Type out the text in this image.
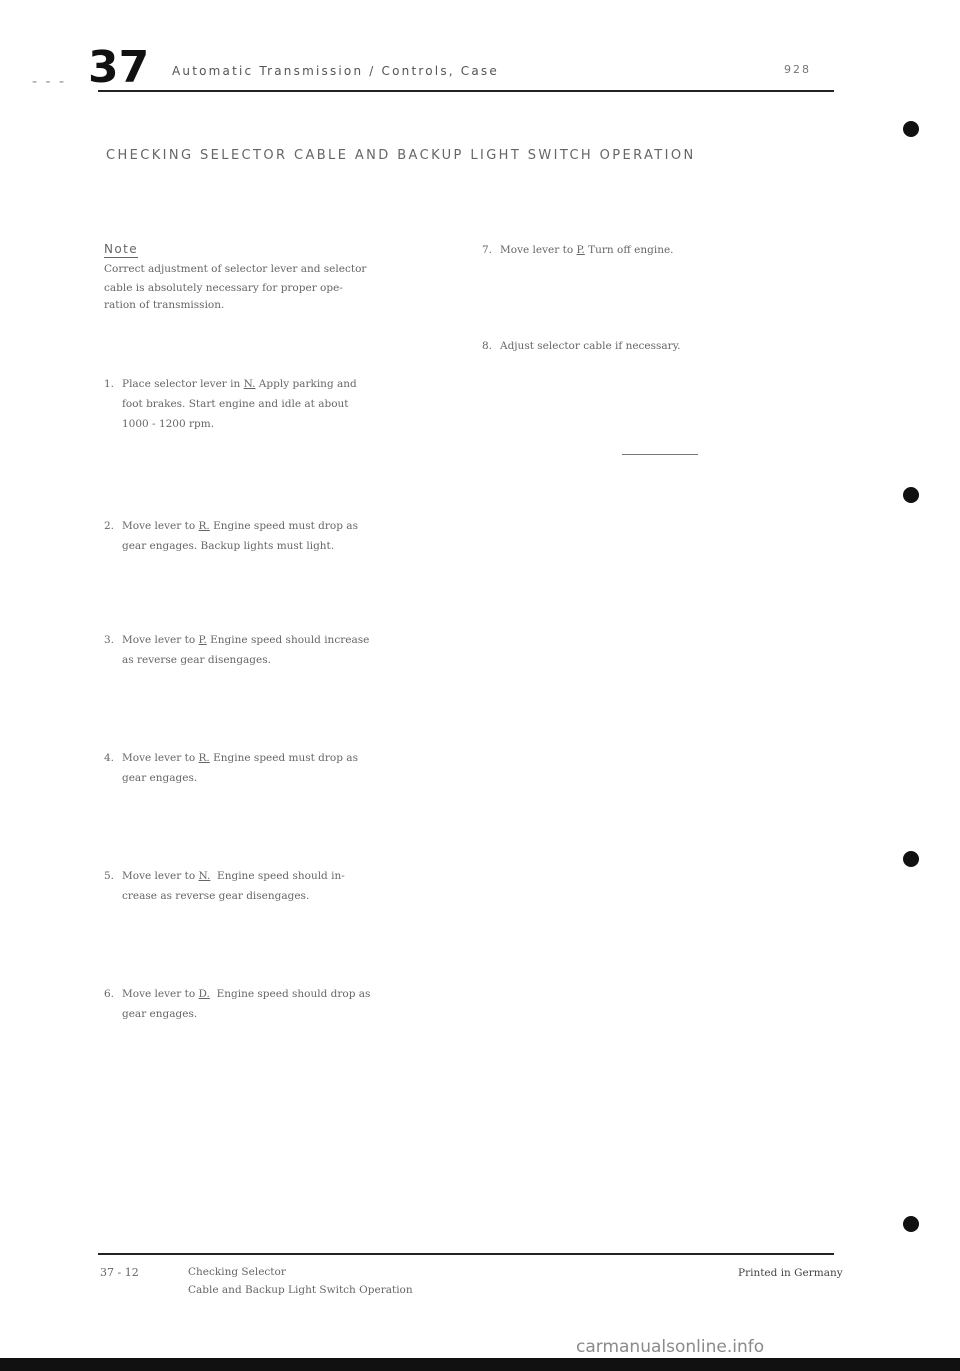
- - - 37 Automatic Transmission / Controls, Case	928
CHECKING SELECTOR CABLE AND BACKUP LIGHT SWITCH OPERATION
Note
Correct adjustment of selector lever and selector
cable is absolutely necessary for proper ope-
ration of transmission.
1. Place selector lever in N. Apply parking and
foot brakes. Start engine and idle at about
1000 - 1200 rpm.
2. Move lever to R. Engine speed must drop as
gear engages. Backup lights must light.
3. Move lever to P. Engine speed should increase
as reverse gear disengages.
4. Move lever to R. Engine speed must drop as
gear engages.
5. Move lever to N.  Engine speed should in-
crease as reverse gear disengages.
6. Move lever to D.  Engine speed should drop as
gear engages.
7. Move lever to P. Turn off engine.
8. Adjust selector cable if necessary.
37 - 12	Checking Selector
Cable and Backup Light Switch Operation
Printed in Germany
carmanualsonline.info
